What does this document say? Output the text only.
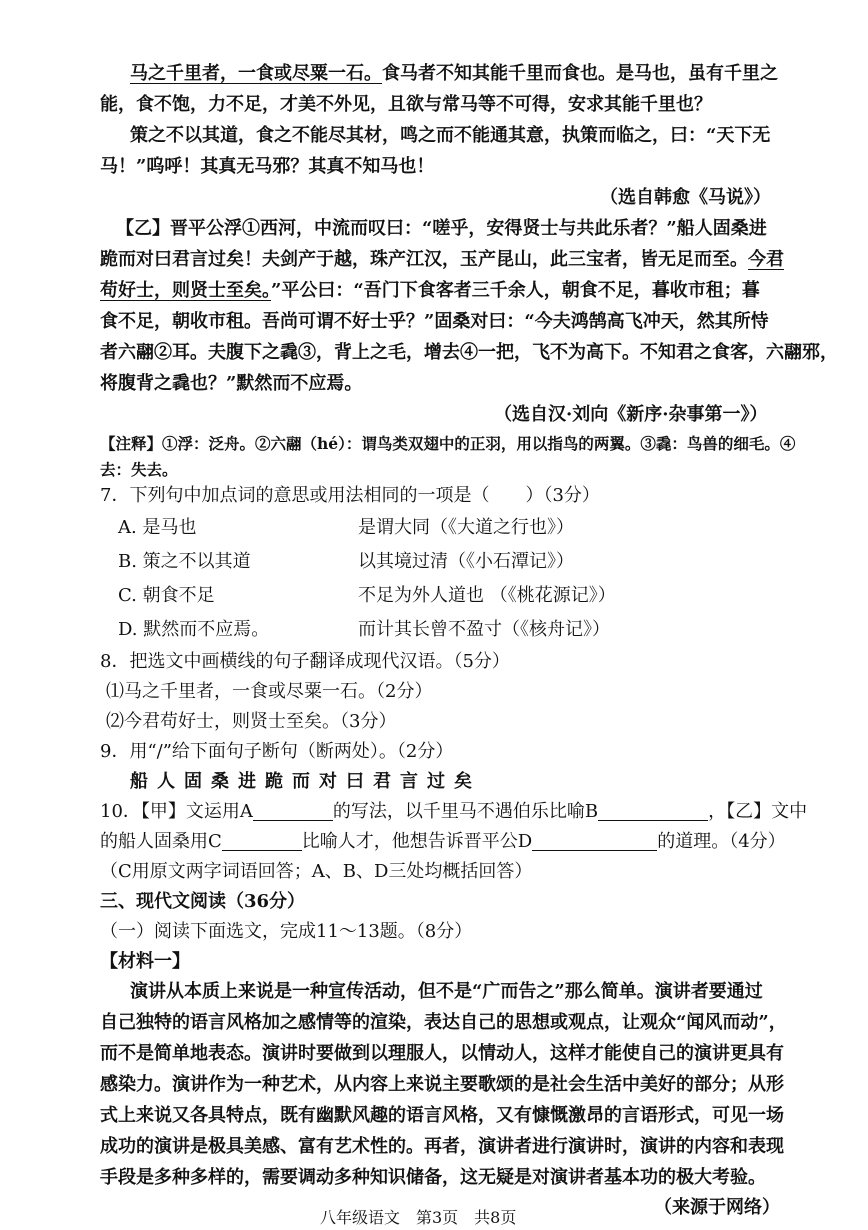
马之千里者，一食或尽粟一石。食马者不知其能千里而食也。是马也，虽有千里之
能，食不饱，力不足，才美不外见，且欲与常马等不可得，安求其能千里也？
策之不以其道，食之不能尽其材，鸣之而不能通其意，执策而临之，曰：“天下无
马！”呜呼！其真无马邪？其真不知马也！
（选自韩愈《马说》）
【乙】晋平公浮①西河，中流而叹曰：“嗟乎，安得贤士与共此乐者？”船人固桑进
跪而对曰君言过矣！夫剑产于越，珠产江汉，玉产昆山，此三宝者，皆无足而至。今君
苟好士，则贤士至矣。”平公曰：“吾门下食客者三千余人，朝食不足，暮收市租；暮
食不足，朝收市租。吾尚可谓不好士乎？”固桑对曰：“今夫鸿鹄高飞冲天，然其所恃
者六翮②耳。夫腹下之毳③，背上之毛，增去④一把，飞不为高下。不知君之食客，六翮邪，
将腹背之毳也？”默然而不应焉。
（选自汉·刘向《新序·杂事第一》）
【注释】①浮：泛舟。②六翮（hé）：谓鸟类双翅中的正羽，用以指鸟的两翼。③毳：鸟兽的细毛。④
去：失去。
7．下列句中加点词的意思或用法相同的一项是（　　）（3分）
A. 是马也	是谓大同（《大道之行也》）
B. 策之不以其道	以其境过清（《小石潭记》）
C. 朝食不足	不足为外人道也 （《桃花源记》）
D. 默然而不应焉。	而计其长曾不盈寸（《核舟记》）
8．把选文中画横线的句子翻译成现代汉语。（5分）
⑴马之千里者，一食或尽粟一石。（2分）
⑵今君苟好士，则贤士至矣。（3分）
9．用“/”给下面句子断句（断两处）。（2分）
船人固桑进跪而对曰君言过矣
10．【甲】文运用A	的写法，以千里马不遇伯乐比喻B	，【乙】文中
的船人固桑用C	比喻人才，他想告诉晋平公D	的道理。（4分）
（C用原文两字词语回答；A、B、D三处均概括回答）
三、现代文阅读（36分）
（一）阅读下面选文，完成11～13题。（8分）
【材料一】
演讲从本质上来说是一种宣传活动，但不是“广而告之”那么简单。演讲者要通过
自己独特的语言风格加之感情等的渲染，表达自己的思想或观点，让观众“闻风而动”，
而不是简单地表态。演讲时要做到以理服人，以情动人，这样才能使自己的演讲更具有
感染力。演讲作为一种艺术，从内容上来说主要歌颂的是社会生活中美好的部分；从形
式上来说又各具特点，既有幽默风趣的语言风格，又有慷慨激昂的言语形式，可见一场
成功的演讲是极具美感、富有艺术性的。再者，演讲者进行演讲时，演讲的内容和表现
手段是多种多样的，需要调动多种知识储备，这无疑是对演讲者基本功的极大考验。
（来源于网络）
八年级语文　第3页　共8页
